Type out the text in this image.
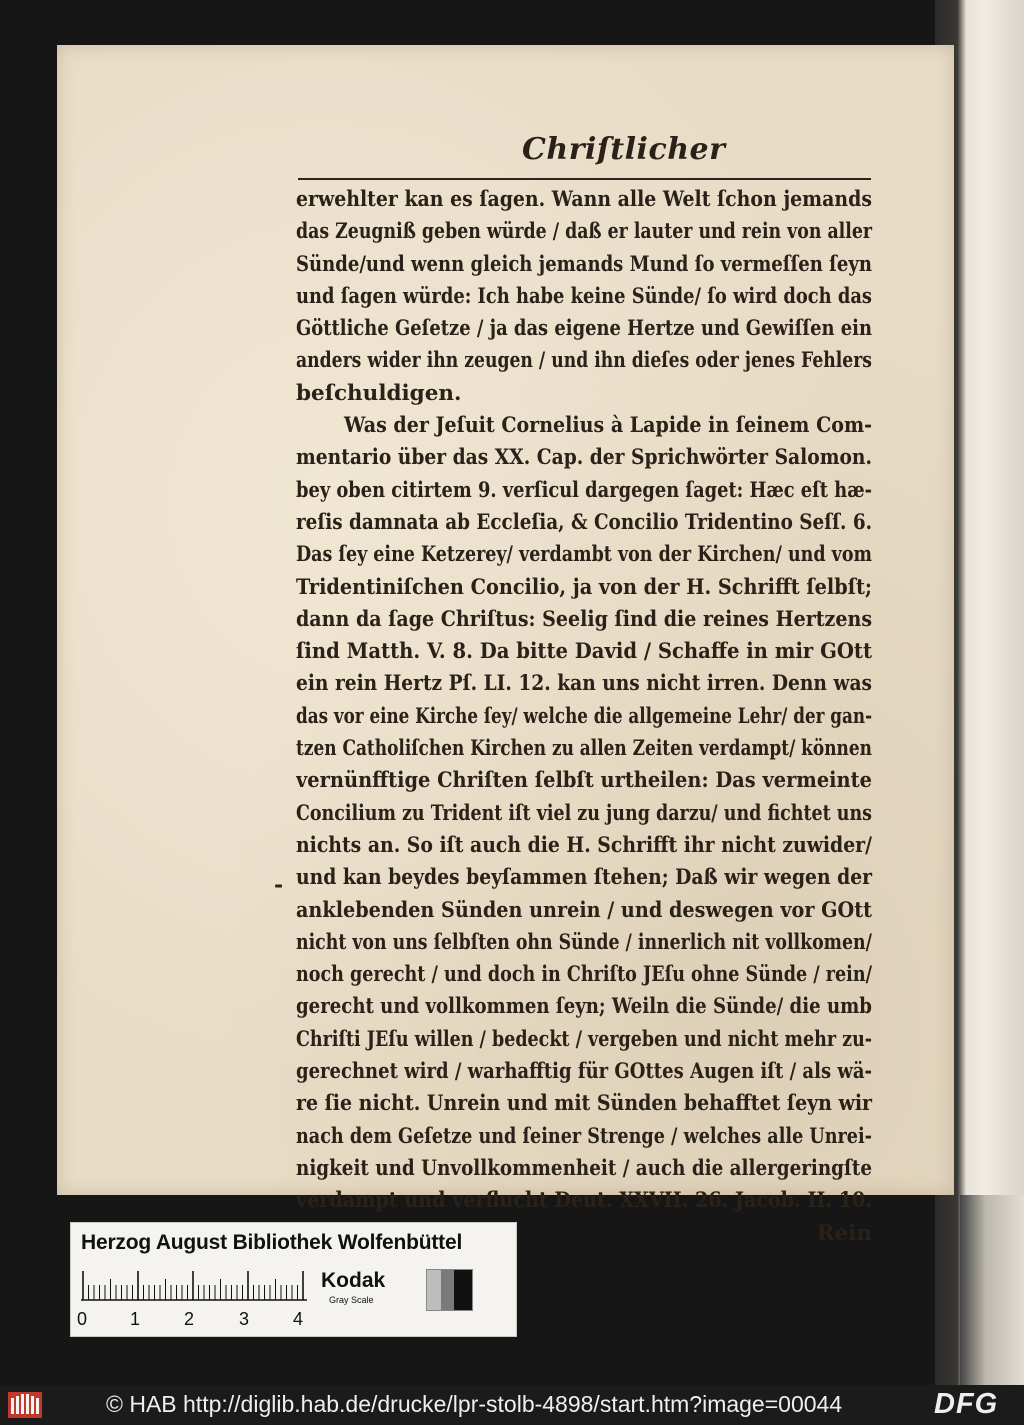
Chriſtlicher
erwehlter kan es ſagen. Wann alle Welt ſchon jemands
das Zeugniß geben würde / daß er lauter und rein von aller
Sünde/und wenn gleich jemands Mund ſo vermeſſen ſeyn
und ſagen würde: Ich habe keine Sünde/ ſo wird doch das
Göttliche Geſetze / ja das eigene Hertze und Gewiſſen ein
anders wider ihn zeugen / und ihn dieſes oder jenes Fehlers
beſchuldigen.
Was der Jeſuit Cornelius à Lapide in ſeinem Com-
mentario über das XX. Cap. der Sprichwörter Salomon.
bey oben citirtem 9. verſicul dargegen ſaget: Hæc eſt hæ-
reſis damnata ab Eccleſia, & Concilio Tridentino Seſſ. 6.
Das ſey eine Ketzerey/ verdambt von der Kirchen/ und vom
Tridentiniſchen Concilio, ja von der H. Schrifft ſelbſt;
dann da ſage Chriſtus: Seelig ſind die reines Hertzens
ſind Matth. V. 8. Da bitte David / Schaffe in mir GOtt
ein rein Hertz Pſ. LI. 12. kan uns nicht irren. Denn was
das vor eine Kirche ſey/ welche die allgemeine Lehr/ der gan-
tzen Catholiſchen Kirchen zu allen Zeiten verdampt/ können
vernünfftige Chriſten ſelbſt urtheilen: Das vermeinte
Concilium zu Trident iſt viel zu jung darzu/ und fichtet uns
nichts an. So iſt auch die H. Schrifft ihr nicht zuwider/
und kan beydes beyſammen ſtehen; Daß wir wegen der
anklebenden Sünden unrein / und deswegen vor GOtt
nicht von uns ſelbſten ohn Sünde / innerlich nit vollkomen/
noch gerecht / und doch in Chriſto JEſu ohne Sünde / rein/
gerecht und vollkommen ſeyn; Weiln die Sünde/ die umb
Chriſti JEſu willen / bedeckt / vergeben und nicht mehr zu-
gerechnet wird / warhafftig für GOttes Augen iſt / als wä-
re ſie nicht. Unrein und mit Sünden behafftet ſeyn wir
nach dem Geſetze und ſeiner Strenge / welches alle Unrei-
nigkeit und Unvollkommenheit / auch die allergeringſte
verdampt und verflucht Deut. XXVII. 26. Jacob. II. 10.
Rein
-
Herzog August Bibliothek Wolfenbüttel
0 1 2 3 4
Kodak
Gray Scale
© HAB http://diglib.hab.de/drucke/lpr-stolb-4898/start.htm?image=00044	DFG
